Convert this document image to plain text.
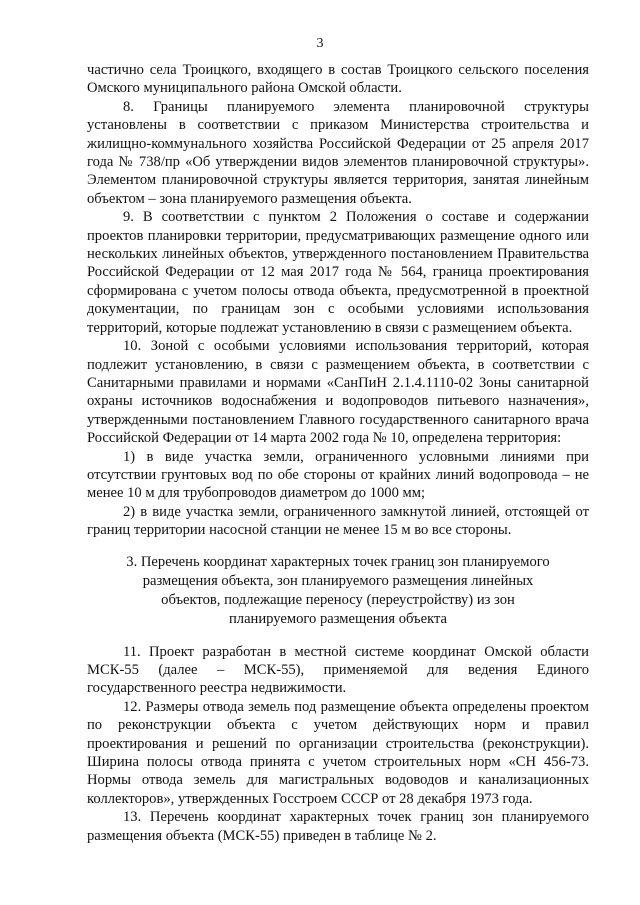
3

частично села Троицкого, входящего в состав Троицкого сельского поселения Омского муниципального района Омской области.

8. Границы планируемого элемента планировочной структуры установлены в соответствии с приказом Министерства строительства и жилищно-коммунального хозяйства Российской Федерации от 25 апреля 2017 года № 738/пр «Об утверждении видов элементов планировочной структуры». Элементом планировочной структуры является территория, занятая линейным объектом – зона планируемого размещения объекта.

9. В соответствии с пунктом 2 Положения о составе и содержании проектов планировки территории, предусматривающих размещение одного или нескольких линейных объектов, утвержденного постановлением Правительства Российской Федерации от 12 мая 2017 года № 564, граница проектирования сформирована с учетом полосы отвода объекта, предусмотренной в проектной документации, по границам зон с особыми условиями использования территорий, которые подлежат установлению в связи с размещением объекта.

10. Зоной с особыми условиями использования территорий, которая подлежит установлению, в связи с размещением объекта, в соответствии с Санитарными правилами и нормами «СанПиН 2.1.4.1110-02 Зоны санитарной охраны источников водоснабжения и водопроводов питьевого назначения», утвержденными постановлением Главного государственного санитарного врача Российской Федерации от 14 марта 2002 года № 10, определена территория:

1) в виде участка земли, ограниченного условными линиями при отсутствии грунтовых вод по обе стороны от крайних линий водопровода – не менее 10 м для трубопроводов диаметром до 1000 мм;

2) в виде участка земли, ограниченного замкнутой линией, отстоящей от границ территории насосной станции не менее 15 м во все стороны.

3. Перечень координат характерных точек границ зон планируемого размещения объекта, зон планируемого размещения линейных объектов, подлежащие переносу (переустройству) из зон планируемого размещения объекта

11. Проект разработан в местной системе координат Омской области МСК-55 (далее – МСК-55), применяемой для ведения Единого государственного реестра недвижимости.

12. Размеры отвода земель под размещение объекта определены проектом по реконструкции объекта с учетом действующих норм и правил проектирования и решений по организации строительства (реконструкции). Ширина полосы отвода принята с учетом строительных норм «СН 456-73. Нормы отвода земель для магистральных водоводов и канализационных коллекторов», утвержденных Госстроем СССР от 28 декабря 1973 года.

13. Перечень координат характерных точек границ зон планируемого размещения объекта (МСК-55) приведен в таблице № 2.
